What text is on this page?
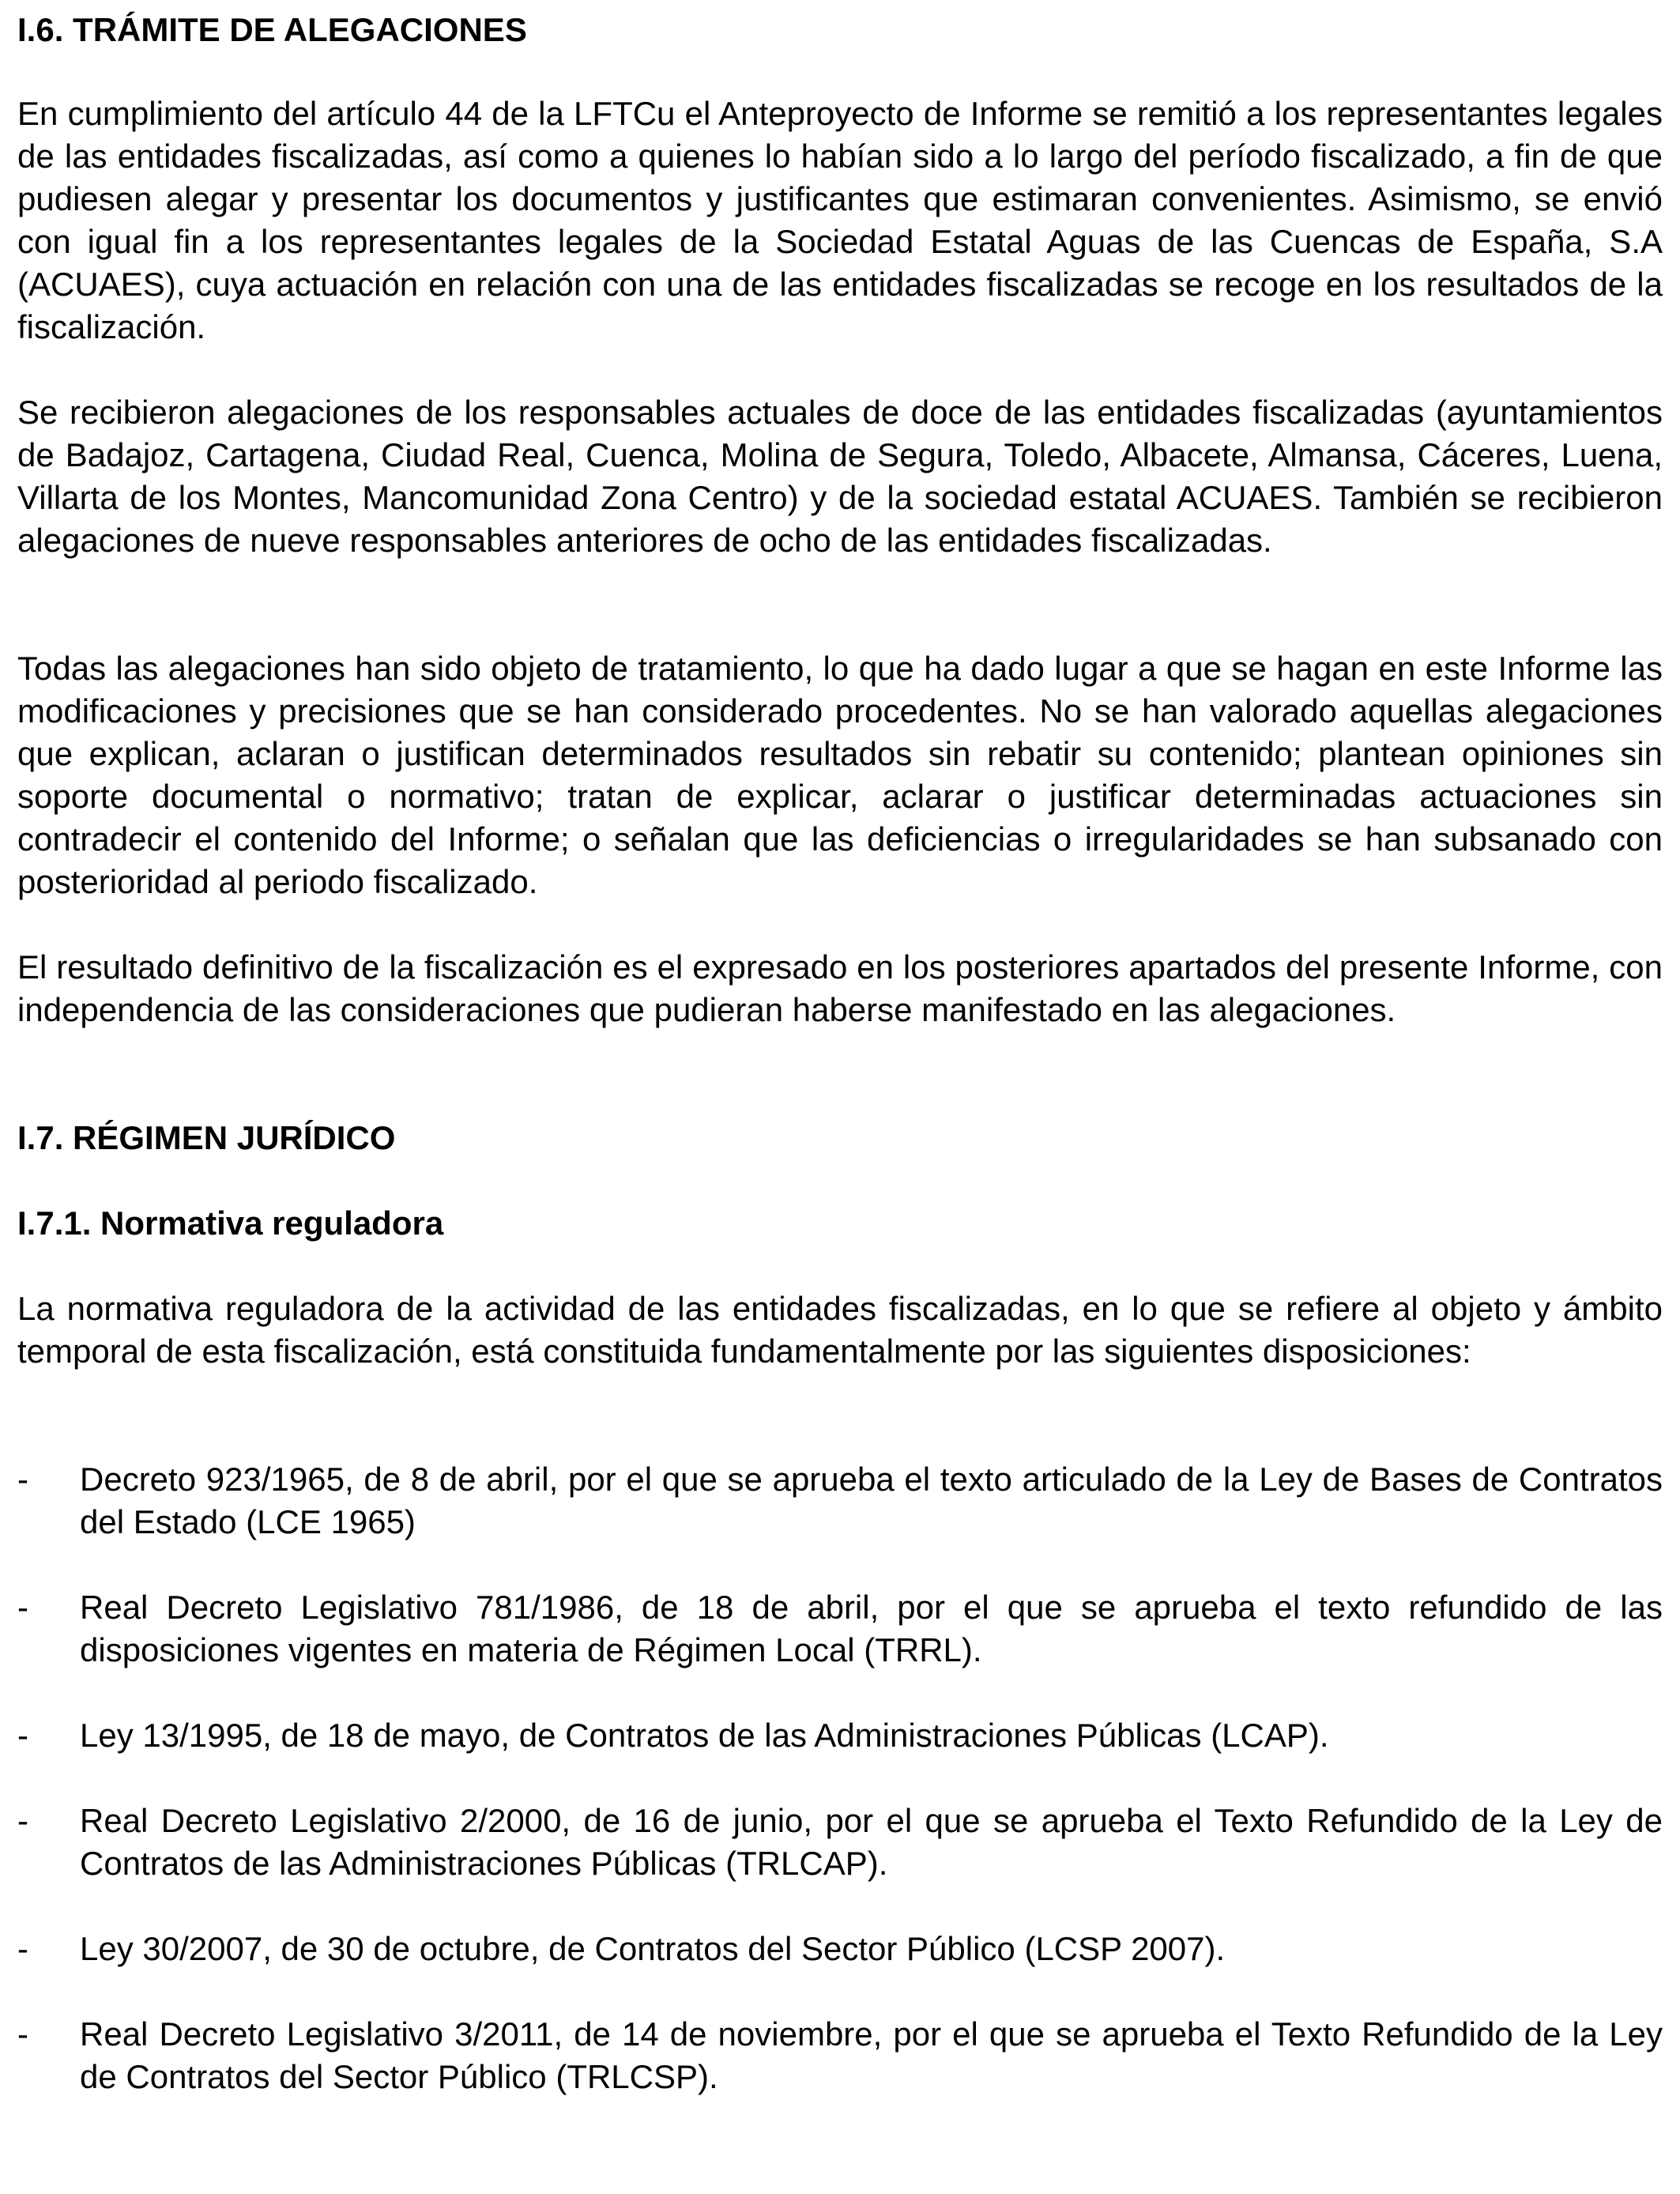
I.6. TRÁMITE DE ALEGACIONES

En cumplimiento del artículo 44 de la LFTCu el Anteproyecto de Informe se remitió a los representantes legales de las entidades fiscalizadas, así como a quienes lo habían sido a lo largo del período fiscalizado, a fin de que pudiesen alegar y presentar los documentos y justificantes que estimaran convenientes. Asimismo, se envió con igual fin a los representantes legales de la Sociedad Estatal Aguas de las Cuencas de España, S.A (ACUAES), cuya actuación en relación con una de las entidades fiscalizadas se recoge en los resultados de la fiscalización.

Se recibieron alegaciones de los responsables actuales de doce de las entidades fiscalizadas (ayuntamientos de Badajoz, Cartagena, Ciudad Real, Cuenca, Molina de Segura, Toledo, Albacete, Almansa, Cáceres, Luena, Villarta de los Montes, Mancomunidad Zona Centro) y de la sociedad estatal ACUAES. También se recibieron alegaciones de nueve responsables anteriores de ocho de las entidades fiscalizadas.

Todas las alegaciones han sido objeto de tratamiento, lo que ha dado lugar a que se hagan en este Informe las modificaciones y precisiones que se han considerado procedentes. No se han valorado aquellas alegaciones que explican, aclaran o justifican determinados resultados sin rebatir su contenido; plantean opiniones sin soporte documental o normativo; tratan de explicar, aclarar o justificar determinadas actuaciones sin contradecir el contenido del Informe; o señalan que las deficiencias o irregularidades se han subsanado con posterioridad al periodo fiscalizado.

El resultado definitivo de la fiscalización es el expresado en los posteriores apartados del presente Informe, con independencia de las consideraciones que pudieran haberse manifestado en las alegaciones.

I.7. RÉGIMEN JURÍDICO
I.7.1. Normativa reguladora

La normativa reguladora de la actividad de las entidades fiscalizadas, en lo que se refiere al objeto y ámbito temporal de esta fiscalización, está constituida fundamentalmente por las siguientes disposiciones:

- Decreto 923/1965, de 8 de abril, por el que se aprueba el texto articulado de la Ley de Bases de Contratos del Estado (LCE 1965)
- Real Decreto Legislativo 781/1986, de 18 de abril, por el que se aprueba el texto refundido de las disposiciones vigentes en materia de Régimen Local (TRRL).
- Ley 13/1995, de 18 de mayo, de Contratos de las Administraciones Públicas (LCAP).
- Real Decreto Legislativo 2/2000, de 16 de junio, por el que se aprueba el Texto Refundido de la Ley de Contratos de las Administraciones Públicas (TRLCAP).
- Ley 30/2007, de 30 de octubre, de Contratos del Sector Público (LCSP 2007).
- Real Decreto Legislativo 3/2011, de 14 de noviembre, por el que se aprueba el Texto Refundido de la Ley de Contratos del Sector Público (TRLCSP).
